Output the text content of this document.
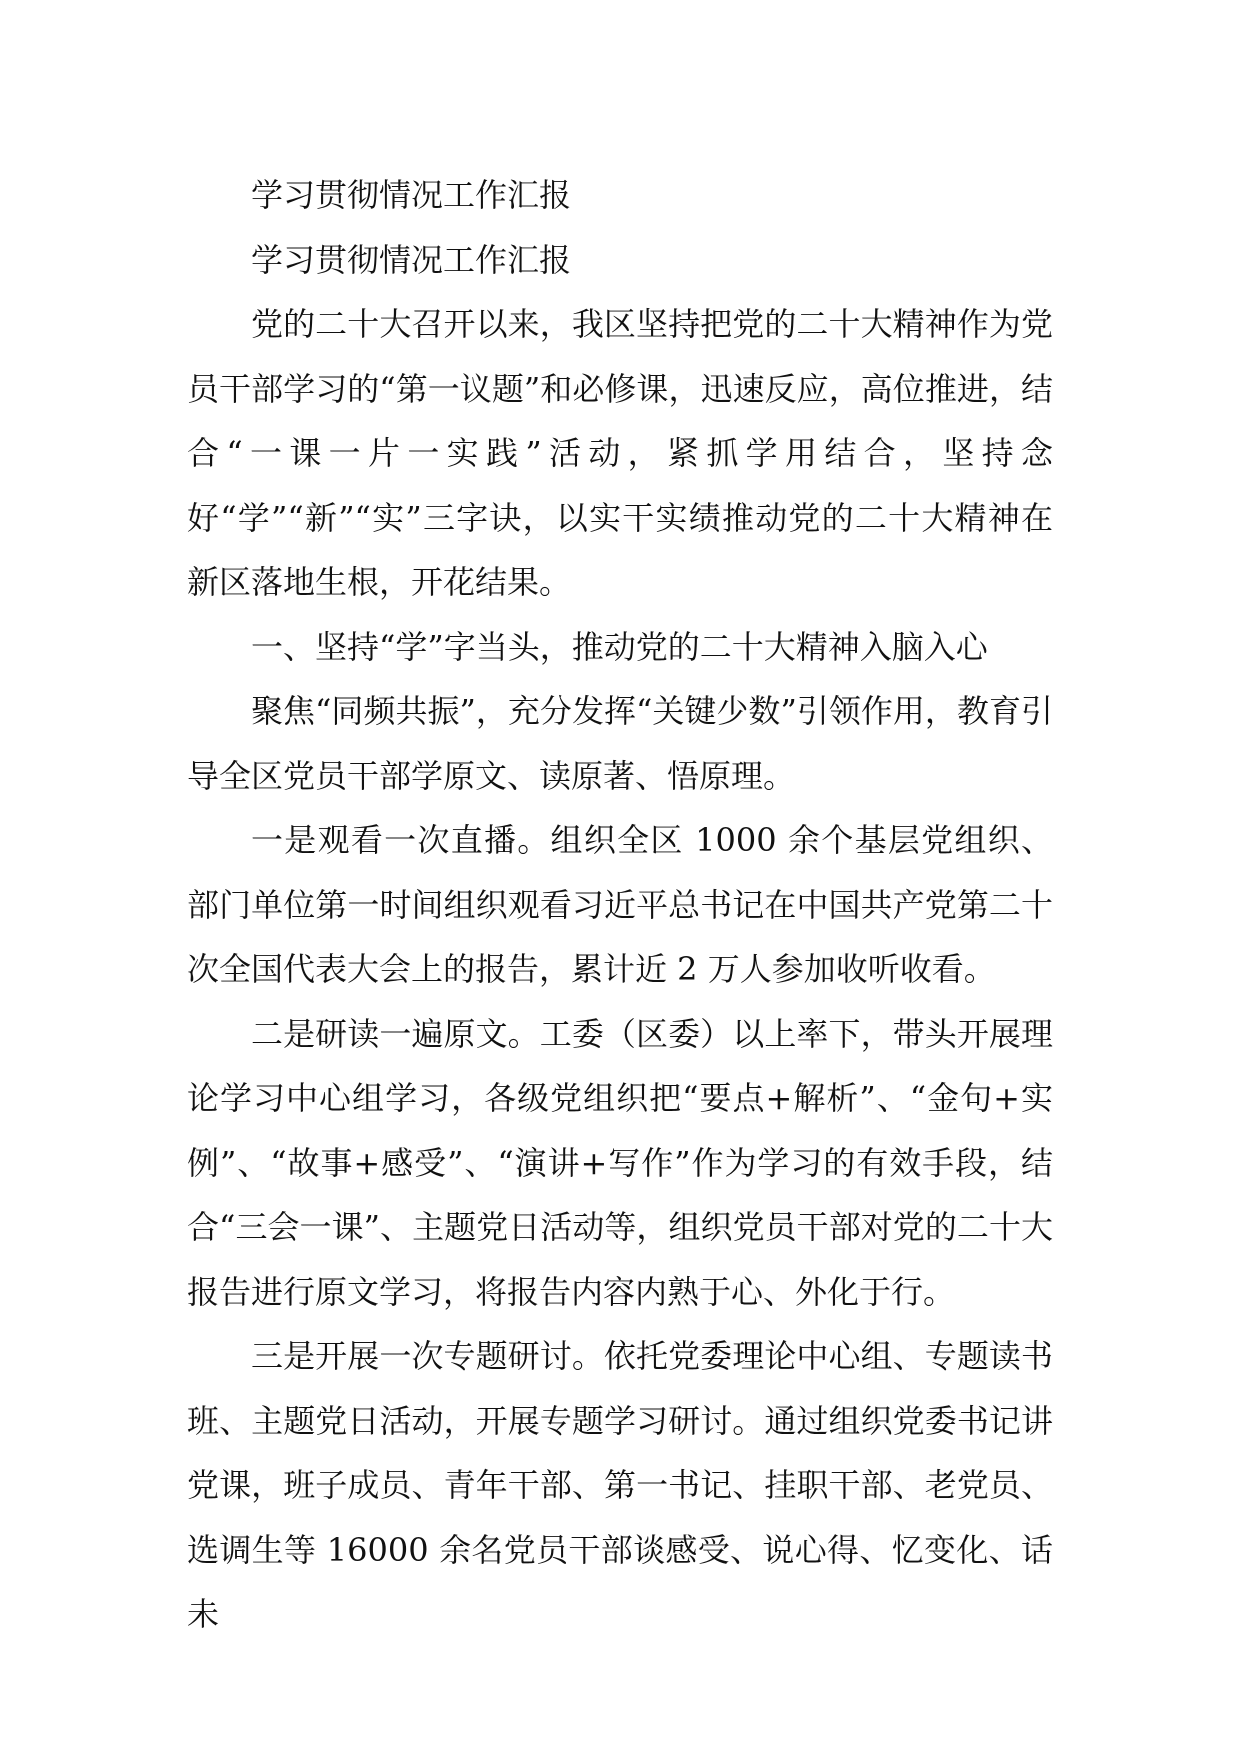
学习贯彻情况工作汇报

学习贯彻情况工作汇报

党的二十大召开以来，我区坚持把党的二十大精神作为党员干部学习的“第一议题”和必修课，迅速反应，高位推进，结合“一课一片一实践”活动，紧抓学用结合，坚持念好“学”“新”“实”三字诀，以实干实绩推动党的二十大精神在新区落地生根，开花结果。

一、坚持“学”字当头，推动党的二十大精神入脑入心

聚焦“同频共振”，充分发挥“关键少数”引领作用，教育引导全区党员干部学原文、读原著、悟原理。

一是观看一次直播。组织全区 1000 余个基层党组织、部门单位第一时间组织观看习近平总书记在中国共产党第二十次全国代表大会上的报告，累计近 2 万人参加收听收看。

二是研读一遍原文。工委（区委）以上率下，带头开展理论学习中心组学习，各级党组织把“要点+解析”、“金句+实例”、“故事+感受”、“演讲+写作”作为学习的有效手段，结合“三会一课”、主题党日活动等，组织党员干部对党的二十大报告进行原文学习，将报告内容内熟于心、外化于行。

三是开展一次专题研讨。依托党委理论中心组、专题读书班、主题党日活动，开展专题学习研讨。通过组织党委书记讲党课，班子成员、青年干部、第一书记、挂职干部、老党员、选调生等 16000 余名党员干部谈感受、说心得、忆变化、话未
